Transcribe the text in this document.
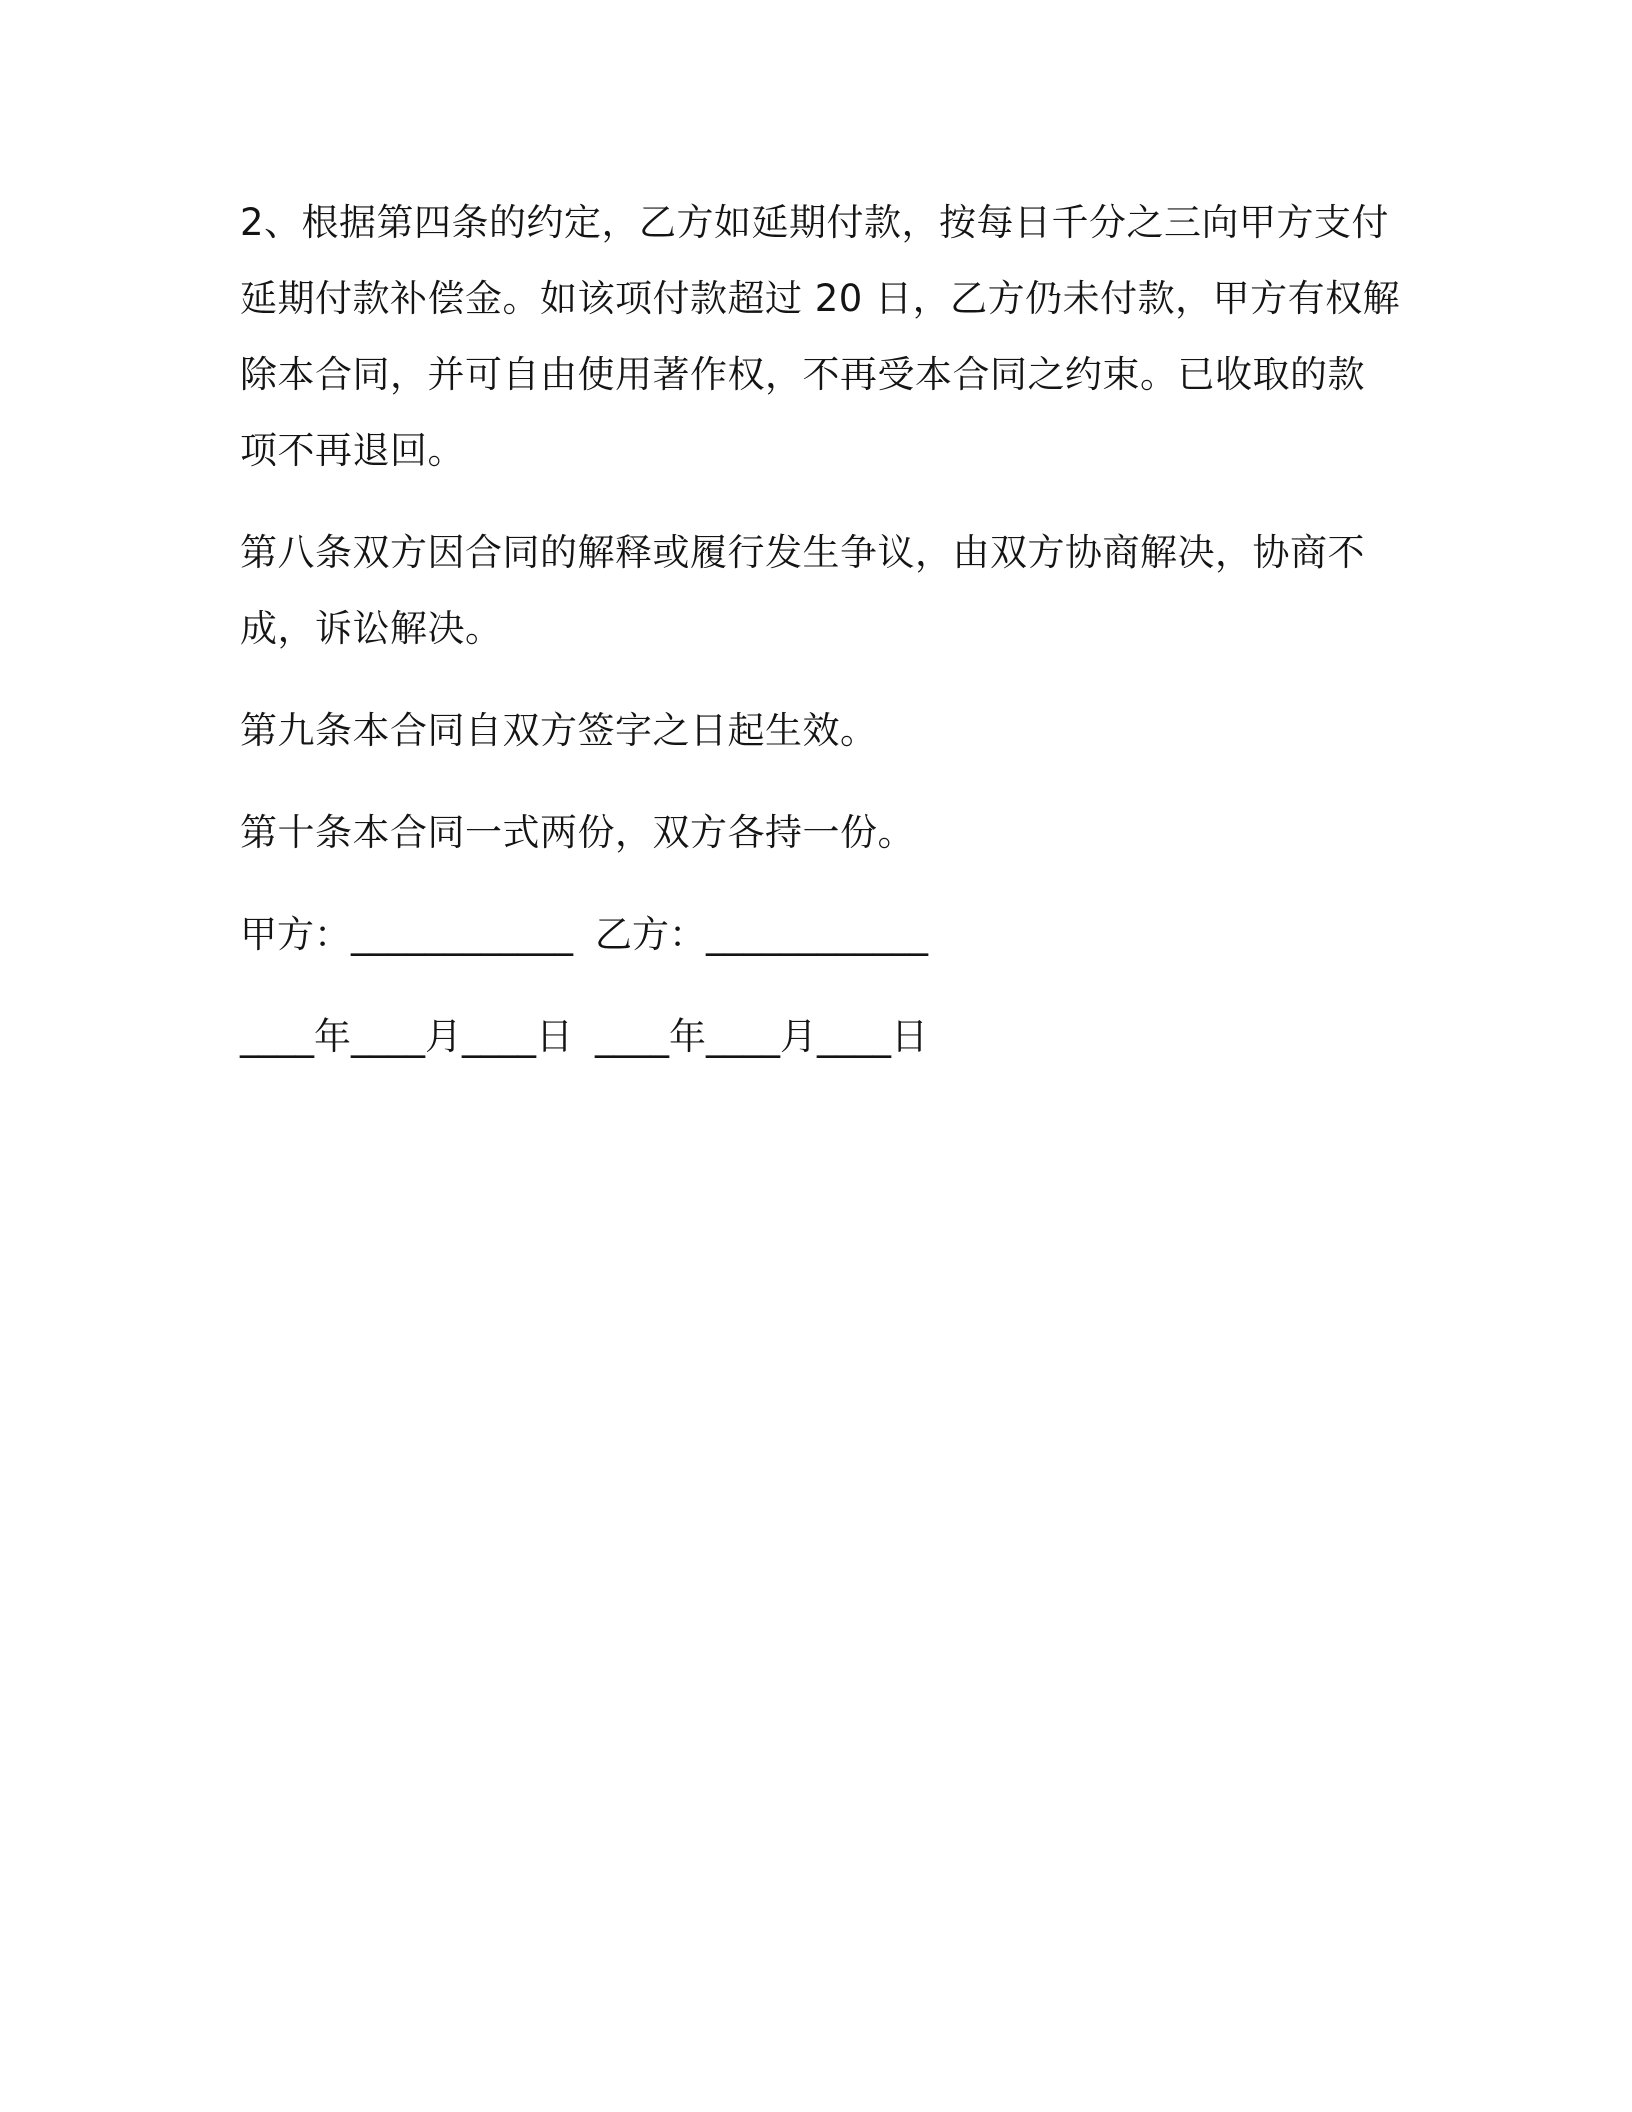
2、根据第四条的约定，乙方如延期付款，按每日千分之三向甲方支付
延期付款补偿金。如该项付款超过 20 日，乙方仍未付款，甲方有权解
除本合同，并可自由使用著作权，不再受本合同之约束。已收取的款
项不再退回。
第八条双方因合同的解释或履行发生争议，由双方协商解决，协商不
成，诉讼解决。
第九条本合同自双方签字之日起生效。
第十条本合同一式两份，双方各持一份。
甲方：____________ 乙方：____________
____年____月____日 ____年____月____日
